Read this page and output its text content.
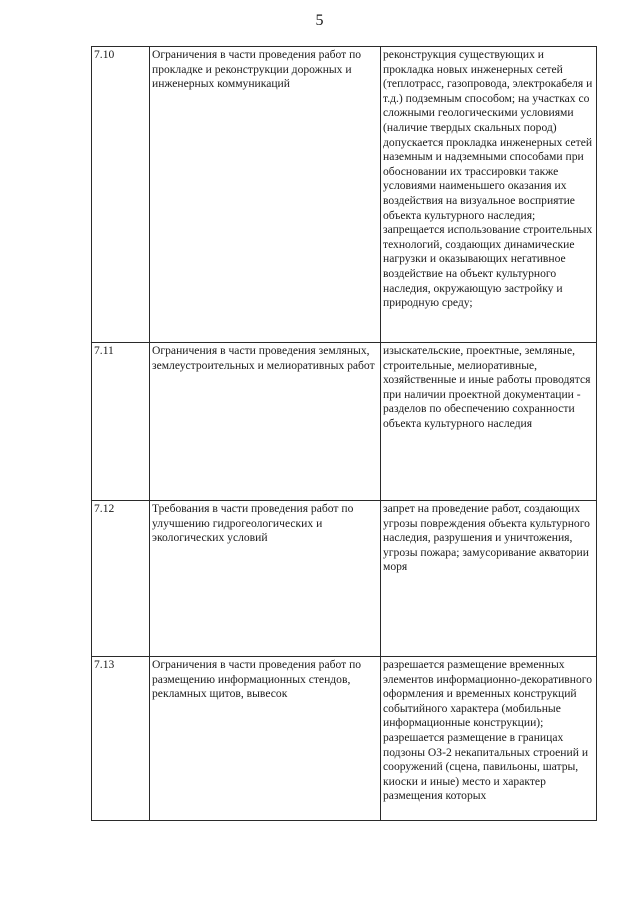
5
7.10	Ограничения в части проведения работ по прокладке и реконструкции дорожных и инженерных коммуникаций	реконструкция существующих и прокладка новых инженерных сетей (теплотрасс, газопровода, электрокабеля и т.д.) подземным способом; на участках со сложными геологическими условиями (наличие твердых скальных пород) допускается прокладка инженерных сетей наземным и надземными способами при обосновании их трассировки также условиями наименьшего оказания их воздействия на визуальное восприятие объекта культурного наследия; запрещается использование строительных технологий, создающих динамические нагрузки и оказывающих негативное воздействие на объект культурного наследия, окружающую застройку и природную среду;

7.11	Ограничения в части проведения земляных, землеустроительных и мелиоративных работ	изыскательские, проектные, земляные, строительные, мелиоративные, хозяйственные и иные работы проводятся при наличии проектной документации - разделов по обеспечению сохранности объекта культурного наследия

7.12	Требования в части проведения работ по улучшению гидрогеологических и экологических условий	запрет на проведение работ, создающих угрозы повреждения объекта культурного наследия, разрушения и уничтожения, угрозы пожара; замусоривание акватории моря

7.13	Ограничения в части проведения работ по размещению информационных стендов, рекламных щитов, вывесок	разрешается размещение временных элементов информационно-декоративного оформления и временных конструкций событийного характера (мобильные информационные конструкции); разрешается размещение в границах подзоны ОЗ-2 некапитальных строений и сооружений (сцена, павильоны, шатры, киоски и иные) место и характер размещения которых
